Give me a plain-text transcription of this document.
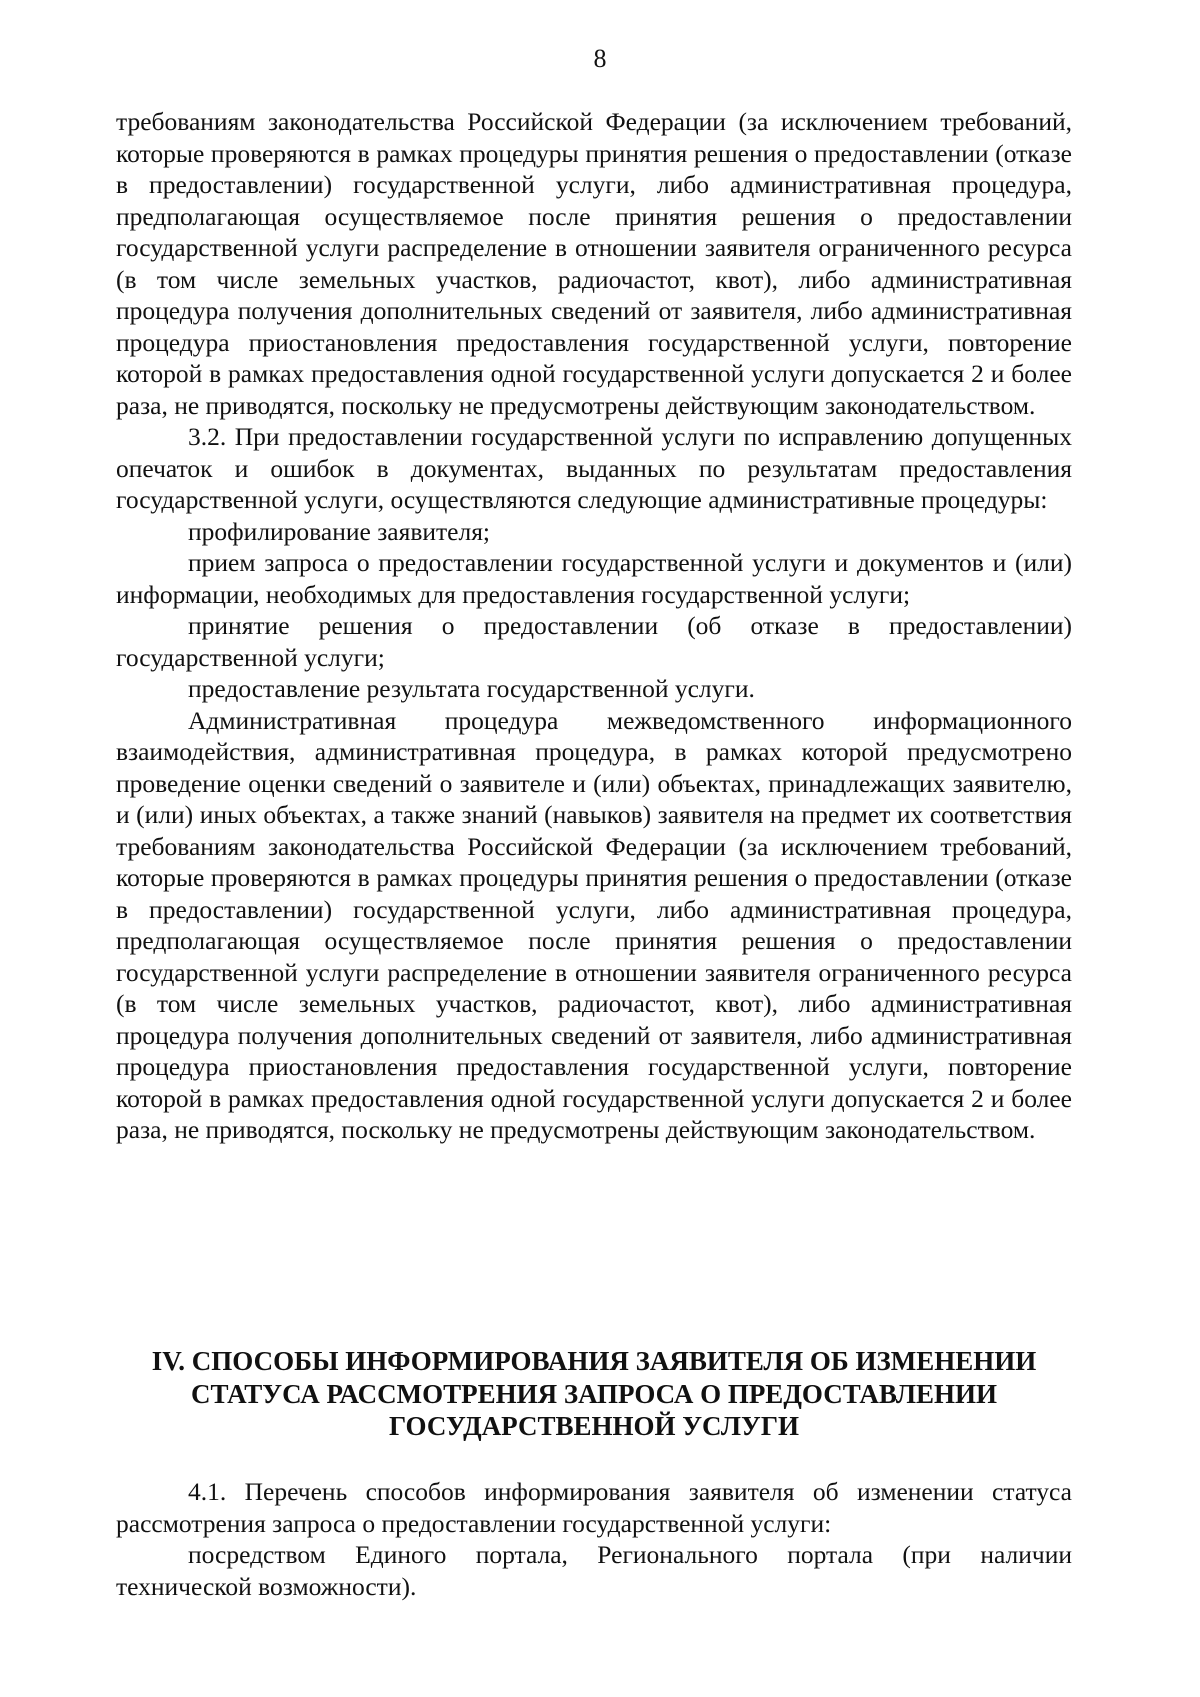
8

требованиям законодательства Российской Федерации (за исключением требований, которые проверяются в рамках процедуры принятия решения о предоставлении (отказе в предоставлении) государственной услуги, либо административная процедура, предполагающая осуществляемое после принятия решения о предоставлении государственной услуги распределение в отношении заявителя ограниченного ресурса (в том числе земельных участков, радиочастот, квот), либо административная процедура получения дополнительных сведений от заявителя, либо административная процедура приостановления предоставления государственной услуги, повторение которой в рамках предоставления одной государственной услуги допускается 2 и более раза, не приводятся, поскольку не предусмотрены действующим законодательством.

3.2. При предоставлении государственной услуги по исправлению допущенных опечаток и ошибок в документах, выданных по результатам предоставления государственной услуги, осуществляются следующие административные процедуры:

профилирование заявителя;

прием запроса о предоставлении государственной услуги и документов и (или) информации, необходимых для предоставления государственной услуги;

принятие решения о предоставлении (об отказе в предоставлении) государственной услуги;

предоставление результата государственной услуги.

Административная процедура межведомственного информационного взаимодействия, административная процедура, в рамках которой предусмотрено проведение оценки сведений о заявителе и (или) объектах, принадлежащих заявителю, и (или) иных объектах, а также знаний (навыков) заявителя на предмет их соответствия требованиям законодательства Российской Федерации (за исключением требований, которые проверяются в рамках процедуры принятия решения о предоставлении (отказе в предоставлении) государственной услуги, либо административная процедура, предполагающая осуществляемое после принятия решения о предоставлении государственной услуги распределение в отношении заявителя ограниченного ресурса (в том числе земельных участков, радиочастот, квот), либо административная процедура получения дополнительных сведений от заявителя, либо административная процедура приостановления предоставления государственной услуги, повторение которой в рамках предоставления одной государственной услуги допускается 2 и более раза, не приводятся, поскольку не предусмотрены действующим законодательством.

IV. СПОСОБЫ ИНФОРМИРОВАНИЯ ЗАЯВИТЕЛЯ ОБ ИЗМЕНЕНИИ СТАТУСА РАССМОТРЕНИЯ ЗАПРОСА О ПРЕДОСТАВЛЕНИИ ГОСУДАРСТВЕННОЙ УСЛУГИ

4.1. Перечень способов информирования заявителя об изменении статуса рассмотрения запроса о предоставлении государственной услуги:

посредством Единого портала, Регионального портала (при наличии технической возможности).
